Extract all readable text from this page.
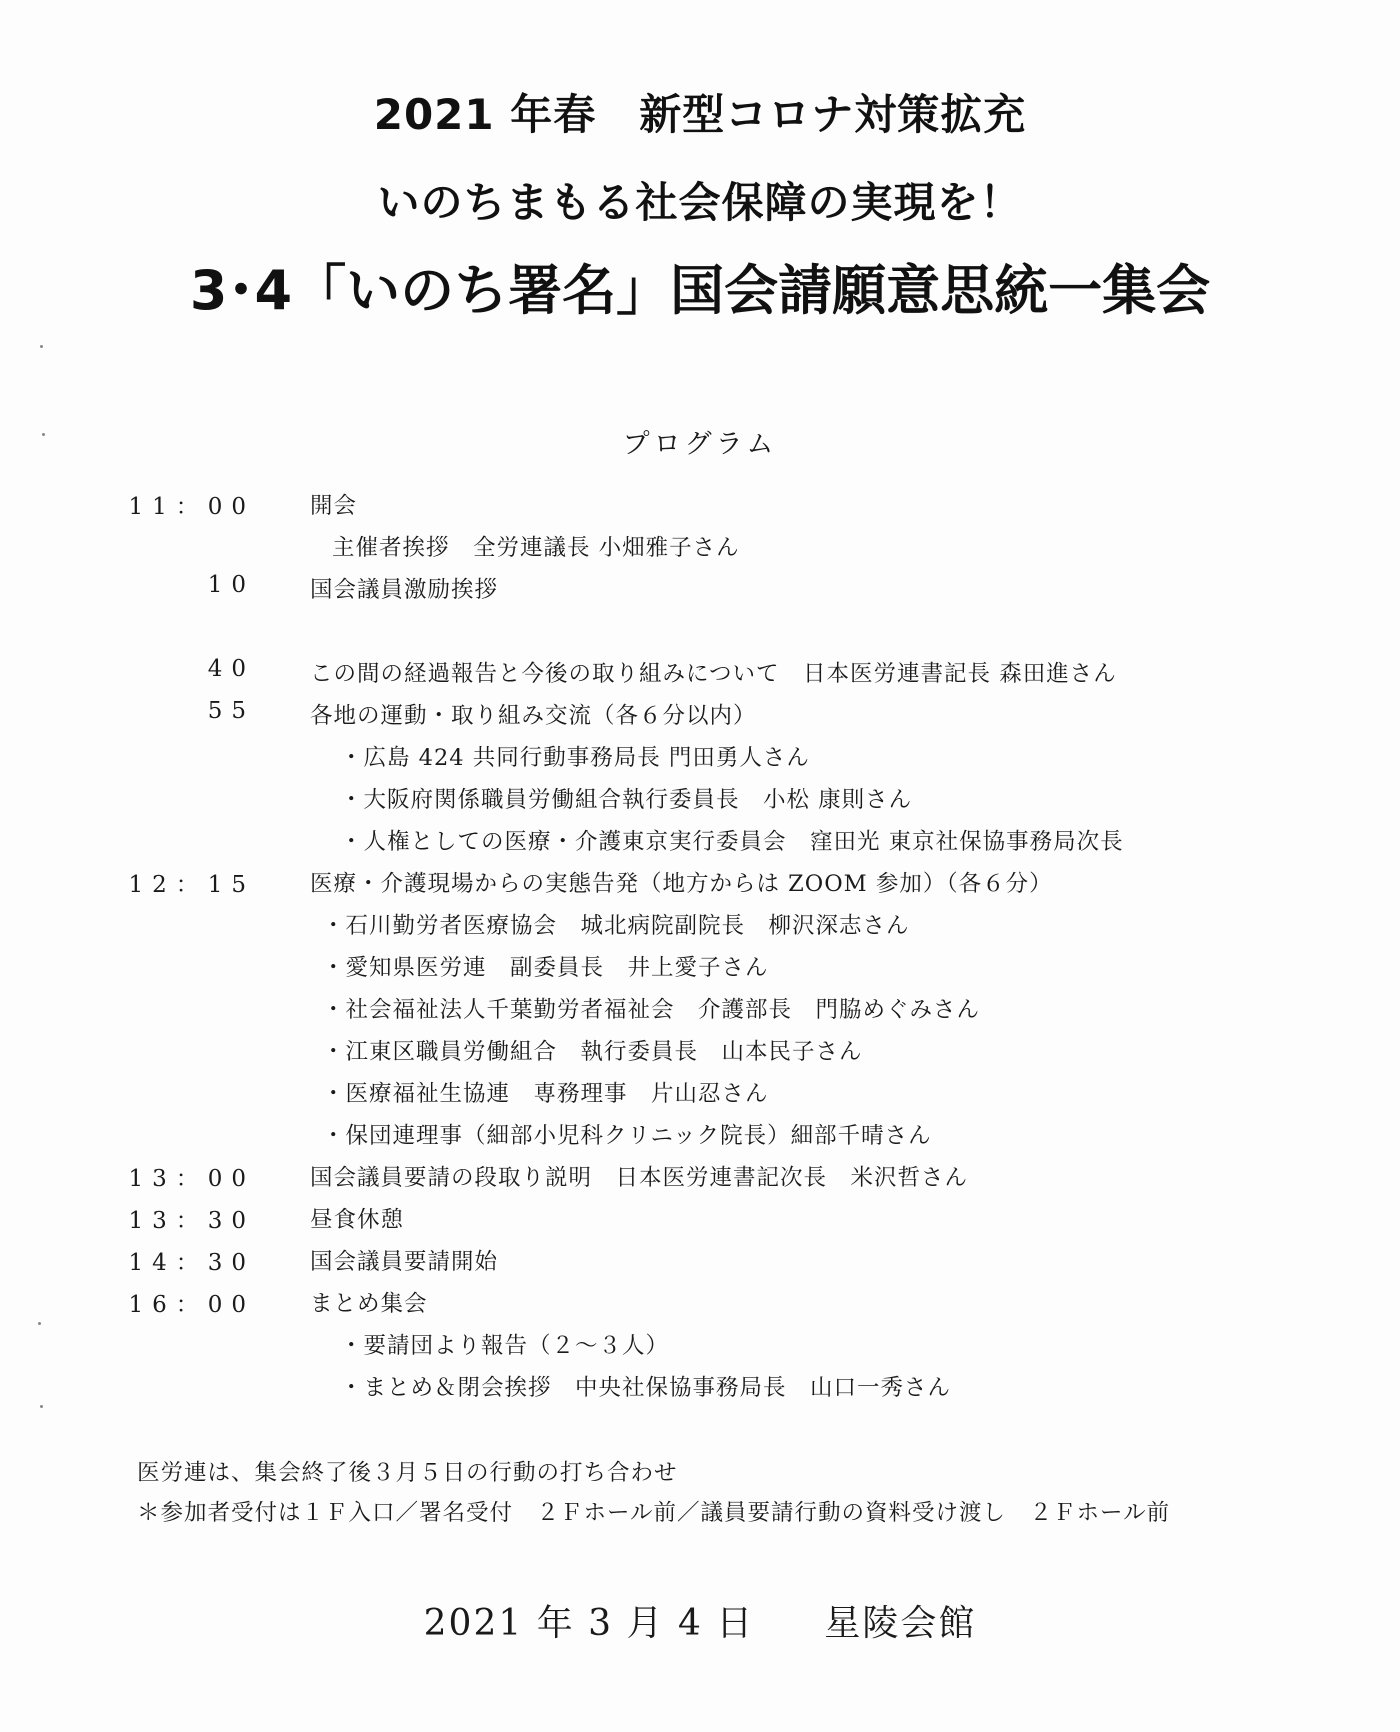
2021 年春　新型コロナ対策拡充
いのちまもる社会保障の実現を！
3･4「いのち署名」国会請願意思統一集会
プログラム
11：00 開会
主催者挨拶　全労連議長 小畑雅子さん
10 国会議員激励挨拶
40 この間の経過報告と今後の取り組みについて　日本医労連書記長 森田進さん
55 各地の運動・取り組み交流（各６分以内）
・広島 424 共同行動事務局長 門田勇人さん
・大阪府関係職員労働組合執行委員長　小松 康則さん
・人権としての医療・介護東京実行委員会　窪田光 東京社保協事務局次長
12：15 医療・介護現場からの実態告発（地方からは ZOOM 参加）（各６分）
・石川勤労者医療協会　城北病院副院長　柳沢深志さん
・愛知県医労連　副委員長　井上愛子さん
・社会福祉法人千葉勤労者福祉会　介護部長　門脇めぐみさん
・江東区職員労働組合　執行委員長　山本民子さん
・医療福祉生協連　専務理事　片山忍さん
・保団連理事（細部小児科クリニック院長）細部千晴さん
13：00 国会議員要請の段取り説明　日本医労連書記次長　米沢哲さん
13：30 昼食休憩
14：30 国会議員要請開始
16：00 まとめ集会
・要請団より報告（２～３人）
・まとめ＆閉会挨拶　中央社保協事務局長　山口一秀さん
医労連は、集会終了後３月５日の行動の打ち合わせ
＊参加者受付は１Ｆ入口／署名受付　２Ｆホール前／議員要請行動の資料受け渡し　２Ｆホール前
2021 年 3 月 4 日 星陵会館
